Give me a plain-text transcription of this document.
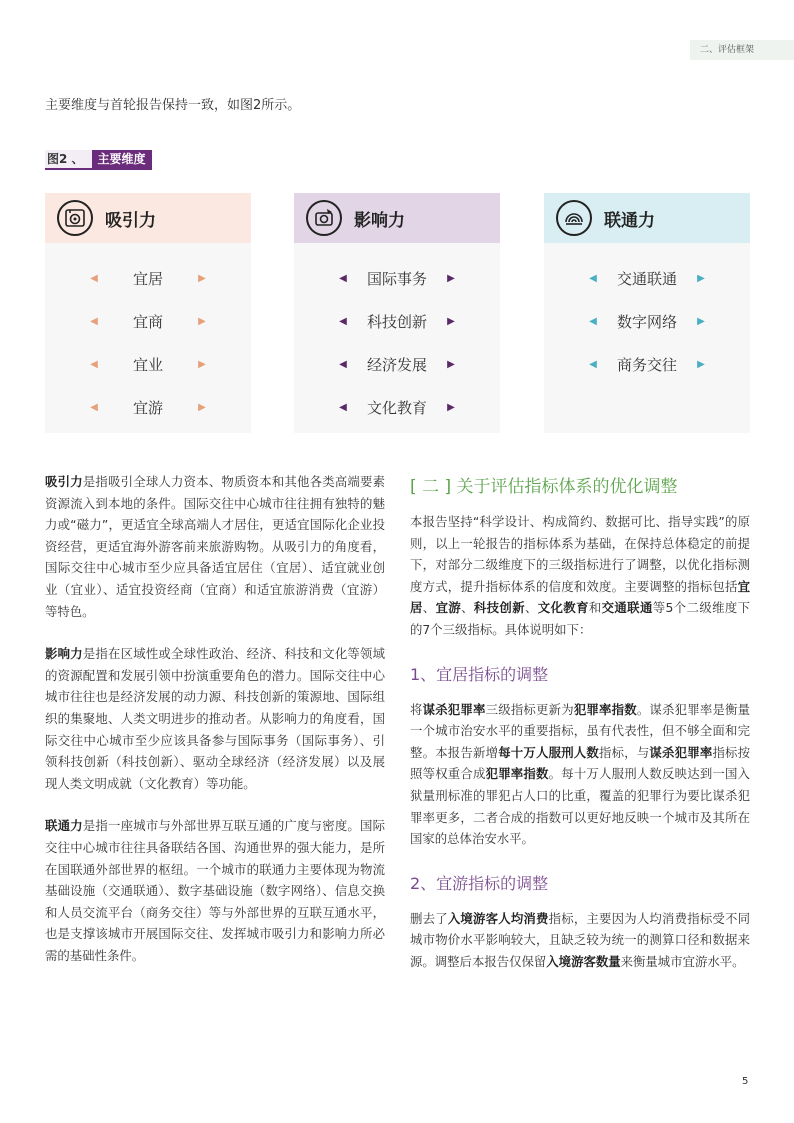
二、评估框架
主要维度与首轮报告保持一致，如图2所示。
图2 、	主要维度
吸引力
◀	宜居	▶
◀	宜商	▶
◀	宜业	▶
◀	宜游	▶
影响力
◀	国际事务	▶
◀	科技创新	▶
◀	经济发展	▶
◀	文化教育	▶
联通力
◀	交通联通	▶
◀	数字网络	▶
◀	商务交往	▶

吸引力是指吸引全球人力资本、物质资本和其他各类高端要素资源流入到本地的条件。国际交往中心城市往往拥有独特的魅力或“磁力”，更适宜全球高端人才居住，更适宜国际化企业投资经营，更适宜海外游客前来旅游购物。从吸引力的角度看，国际交往中心城市至少应具备适宜居住（宜居）、适宜就业创业（宜业）、适宜投资经商（宜商）和适宜旅游消费（宜游）等特色。

影响力是指在区域性或全球性政治、经济、科技和文化等领域的资源配置和发展引领中扮演重要角色的潜力。国际交往中心城市往往也是经济发展的动力源、科技创新的策源地、国际组织的集聚地、人类文明进步的推动者。从影响力的角度看，国际交往中心城市至少应该具备参与国际事务（国际事务）、引领科技创新（科技创新）、驱动全球经济（经济发展）以及展现人类文明成就（文化教育）等功能。

联通力是指一座城市与外部世界互联互通的广度与密度。国际交往中心城市往往具备联结各国、沟通世界的强大能力，是所在国联通外部世界的枢纽。一个城市的联通力主要体现为物流基础设施（交通联通）、数字基础设施（数字网络）、信息交换和人员交流平台（商务交往）等与外部世界的互联互通水平，也是支撑该城市开展国际交往、发挥城市吸引力和影响力所必需的基础性条件。

[ 二 ] 关于评估指标体系的优化调整

本报告坚持“科学设计、构成简约、数据可比、指导实践”的原则，以上一轮报告的指标体系为基础，在保持总体稳定的前提下，对部分二级维度下的三级指标进行了调整，以优化指标测度方式，提升指标体系的信度和效度。主要调整的指标包括宜居、宜游、科技创新、文化教育和交通联通等5个二级维度下的7个三级指标。具体说明如下：

1、宜居指标的调整

将谋杀犯罪率三级指标更新为犯罪率指数。谋杀犯罪率是衡量一个城市治安水平的重要指标，虽有代表性，但不够全面和完整。本报告新增每十万人服刑人数指标，与谋杀犯罪率指标按照等权重合成犯罪率指数。每十万人服刑人数反映达到一国入狱量刑标准的罪犯占人口的比重，覆盖的犯罪行为要比谋杀犯罪率更多，二者合成的指数可以更好地反映一个城市及其所在国家的总体治安水平。

2、宜游指标的调整

删去了入境游客人均消费指标，主要因为人均消费指标受不同城市物价水平影响较大，且缺乏较为统一的测算口径和数据来源。调整后本报告仅保留入境游客数量来衡量城市宜游水平。

5
